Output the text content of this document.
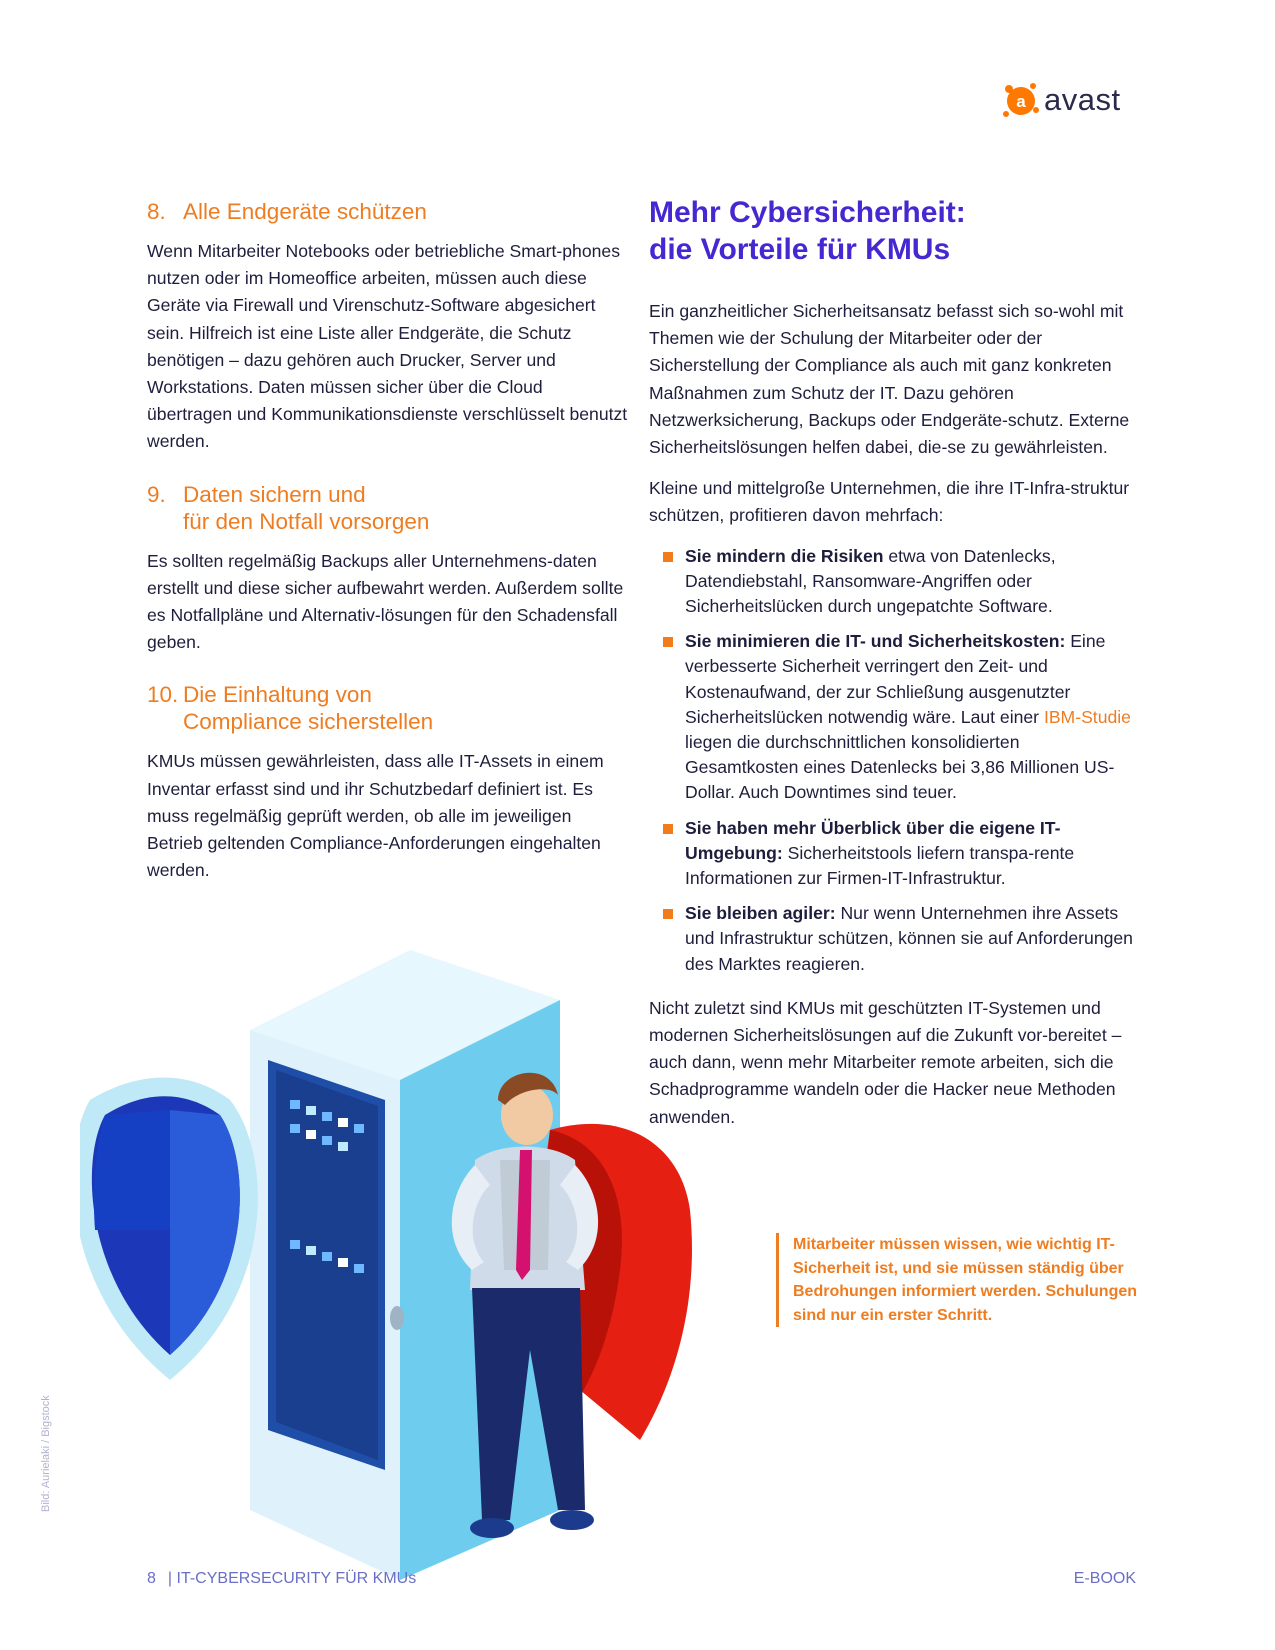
a avast
8. Alle Endgeräte schützen

Wenn Mitarbeiter Notebooks oder betriebliche Smart-phones nutzen oder im Homeoffice arbeiten, müssen auch diese Geräte via Firewall und Virenschutz-Software abgesichert sein. Hilfreich ist eine Liste aller Endgeräte, die Schutz benötigen – dazu gehören auch Drucker, Server und Workstations. Daten müssen sicher über die Cloud übertragen und Kommunikationsdienste verschlüsselt benutzt werden.

9. Daten sichern und
für den Notfall vorsorgen

Es sollten regelmäßig Backups aller Unternehmens-daten erstellt und diese sicher aufbewahrt werden. Außerdem sollte es Notfallpläne und Alternativ-lösungen für den Schadensfall geben.

10. Die Einhaltung von
Compliance sicherstellen

KMUs müssen gewährleisten, dass alle IT-Assets in einem Inventar erfasst sind und ihr Schutzbedarf definiert ist. Es muss regelmäßig geprüft werden, ob alle im jeweiligen Betrieb geltenden Compliance-Anforderungen eingehalten werden.

Mehr Cybersicherheit:
die Vorteile für KMUs

Ein ganzheitlicher Sicherheitsansatz befasst sich so-wohl mit Themen wie der Schulung der Mitarbeiter oder der Sicherstellung der Compliance als auch mit ganz konkreten Maßnahmen zum Schutz der IT. Dazu gehören Netzwerksicherung, Backups oder Endgeräte-schutz. Externe Sicherheitslösungen helfen dabei, die-se zu gewährleisten.

Kleine und mittelgroße Unternehmen, die ihre IT-Infra-struktur schützen, profitieren davon mehrfach:

Sie mindern die Risiken etwa von Datenlecks, Datendiebstahl, Ransomware-Angriffen oder Sicherheitslücken durch ungepatchte Software.
Sie minimieren die IT- und Sicherheitskosten: Eine verbesserte Sicherheit verringert den Zeit- und Kostenaufwand, der zur Schließung ausgenutzter Sicherheitslücken notwendig wäre. Laut einer IBM-Studie liegen die durchschnittlichen konsolidierten Gesamtkosten eines Datenlecks bei 3,86 Millionen US-Dollar. Auch Downtimes sind teuer.
Sie haben mehr Überblick über die eigene IT-Umgebung: Sicherheitstools liefern transpa-rente Informationen zur Firmen-IT-Infrastruktur.
Sie bleiben agiler: Nur wenn Unternehmen ihre Assets und Infrastruktur schützen, können sie auf Anforderungen des Marktes reagieren.

Nicht zuletzt sind KMUs mit geschützten IT-Systemen und modernen Sicherheitslösungen auf die Zukunft vor-bereitet – auch dann, wenn mehr Mitarbeiter remote arbeiten, sich die Schadprogramme wandeln oder die Hacker neue Methoden anwenden.

Mitarbeiter müssen wissen, wie wichtig IT-Sicherheit ist, und sie müssen ständig über Bedrohungen informiert werden. Schulungen sind nur ein erster Schritt.
Bild: Aurielaki / Bigstock
8 | IT-CYBERSECURITY FÜR KMUs	E-BOOK
